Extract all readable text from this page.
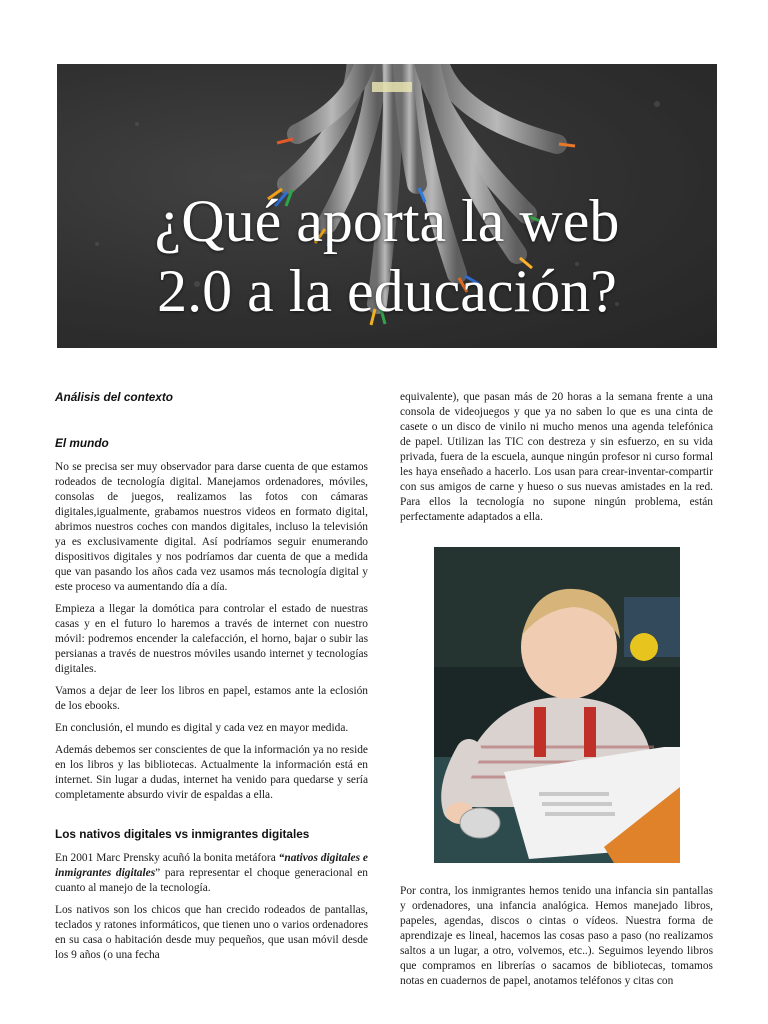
¿Qué aporta la web
2.0 a la educación?
Análisis del contexto
El mundo

No se precisa ser muy observador para darse cuenta de que estamos rodeados de tecnología digital. Manejamos ordenadores, móviles, consolas de juegos, realizamos las fotos con cámaras digitales,igualmente, grabamos nuestros videos en formato digital, abrimos nuestros coches con mandos digitales, incluso la televisión ya es exclusivamente digital. Así podríamos seguir enumerando dispositivos digitales y nos podríamos dar cuenta de que a medida que van pasando los años cada vez usamos más tecnología digital y este proceso va aumentando día a día.

Empieza a llegar la domótica para controlar el estado de nuestras casas y en el futuro lo haremos a través de internet con nuestro móvil: podremos encender la calefacción, el horno, bajar o subir las persianas a través de nuestros móviles usando internet y tecnologías digitales.

Vamos a dejar de leer los libros en papel, estamos ante la eclosión de los ebooks.

En conclusión, el mundo es digital y cada vez en mayor medida.

Además debemos ser conscientes de que la información ya no reside en los libros y las bibliotecas. Actualmente la información está en internet. Sin lugar a dudas, internet ha venido para quedarse y sería completamente absurdo vivir de espaldas a ella.

Los nativos digitales vs inmigrantes digitales

En 2001 Marc Prensky acuñó la bonita metáfora “nativos digitales e inmigrantes digitales” para representar el choque generacional en cuanto al manejo de la tecnología.

Los nativos son los chicos que han crecido rodeados de pantallas, teclados y ratones informáticos, que tienen uno o varios ordenadores en su casa o habitación desde muy pequeños, que usan móvil desde los 9 años (o una fecha

equivalente), que pasan más de 20 horas a la semana frente a una consola de videojuegos y que ya no saben lo que es una cinta de casete o un disco de vinilo ni mucho menos una agenda telefónica de papel. Utilizan las TIC con destreza y sin esfuerzo, en su vida privada, fuera de la escuela, aunque ningún profesor ni curso formal les haya enseñado a hacerlo. Los usan para crear-inventar-compartir con sus amigos de carne y hueso o sus nuevas amistades en la red. Para ellos la tecnología no supone ningún problema, están perfectamente adaptados a ella.

Por contra, los inmigrantes hemos tenido una infancia sin pantallas y ordenadores, una infancia analógica. Hemos manejado libros, papeles, agendas, discos o cintas o vídeos. Nuestra forma de aprendizaje es lineal, hacemos las cosas paso a paso (no realizamos saltos a un lugar, a otro, volvemos, etc..). Seguimos leyendo libros que compramos en librerías o sacamos de bibliotecas, tomamos notas en cuadernos de papel, anotamos teléfonos y citas con
